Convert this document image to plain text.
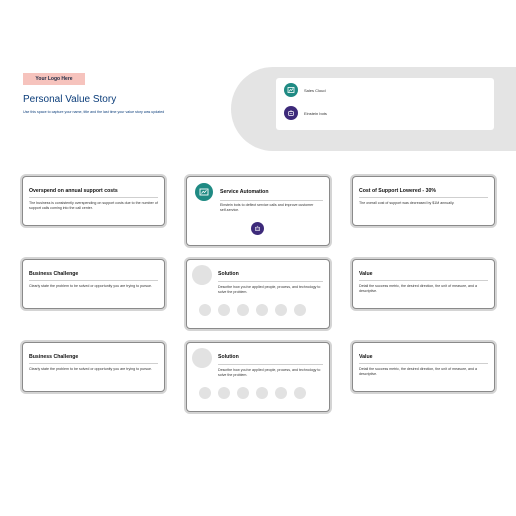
Your Logo Here
Personal Value Story
Use this space to capture your name, title and the last time your value story was updated
Sales Cloud
Einstein bots
Overspend on annual support costs
The business is consistently overspending on support costs due to the number of support calls coming into the call center.
Service Automation
Einstein bots to deflect service calls and improve customer self-service.
Cost of Support Lowered - 30%
The overall cost of support was decreased by $1M annually.
Business Challenge
Clearly state the problem to be solved or opportunity you are trying to pursue.
Solution
Describe how you've applied people, process, and technology to solve the problem.
Value
Detail the success metric, the desired direction, the unit of measure, and a descriptive.
Business Challenge
Clearly state the problem to be solved or opportunity you are trying to pursue.
Solution
Describe how you've applied people, process, and technology to solve the problem.
Value
Detail the success metric, the desired direction, the unit of measure, and a descriptive.
